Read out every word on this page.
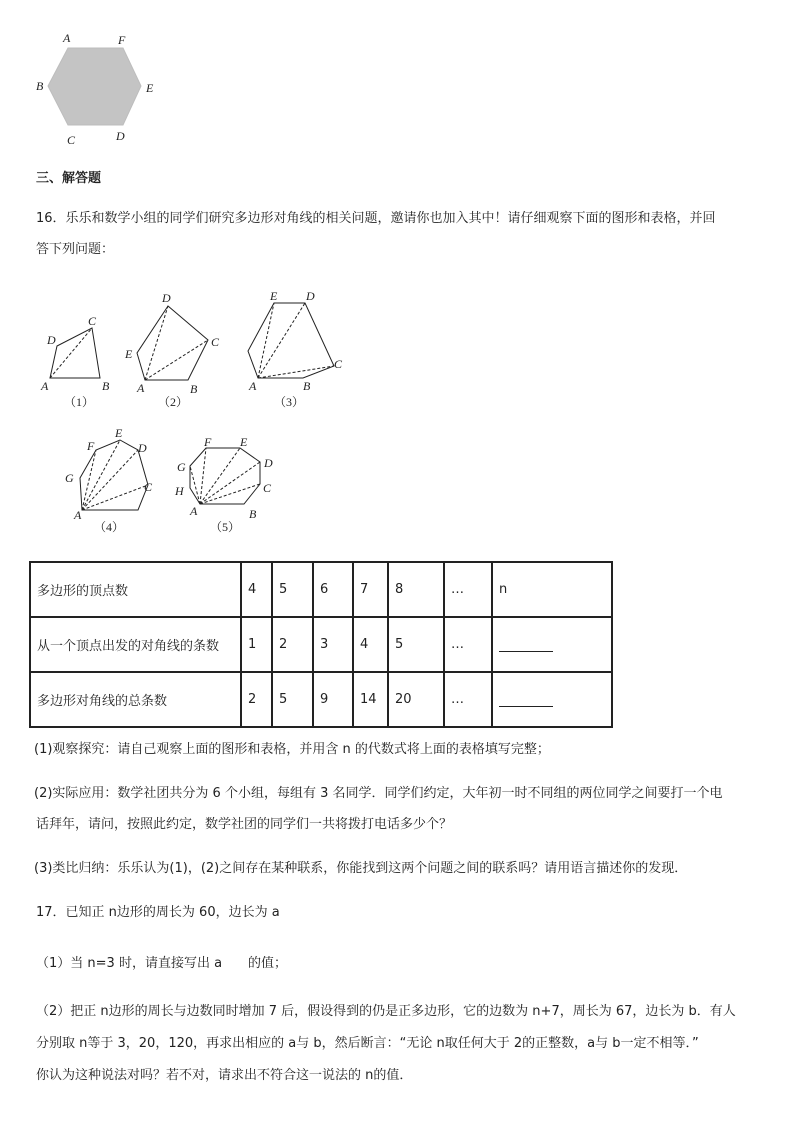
A	F
E
D
C
B
三、解答题
16．乐乐和数学小组的同学们研究多边形对角线的相关问题，邀请你也加入其中！请仔细观察下面的图形和表格，并回
答下列问题：
A	B
C
D
（1）
A	B
C
D
E
（2）
A	B
C
D
E
（3）
A
C
D
E
F
G
（4）
A	B
C
D
E
F
G
H
（5）
多边形的顶点数	4	5	6	7	8	…	n
从一个顶点出发的对角线的条数	1	2	3	4	5	…	
多边形对角线的总条数	2	5	9	14	20	…	
(1)观察探究：请自己观察上面的图形和表格，并用含 n 的代数式将上面的表格填写完整；
(2)实际应用：数学社团共分为 6 个小组，每组有 3 名同学．同学们约定，大年初一时不同组的两位同学之间要打一个电
话拜年，请问，按照此约定，数学社团的同学们一共将拨打电话多少个？
(3)类比归纳：乐乐认为(1)，(2)之间存在某种联系，你能找到这两个问题之间的联系吗？请用语言描述你的发现．
17．已知正 n边形的周长为 60，边长为 a
（1）当 n=3 时，请直接写出 a　　的值；
（2）把正 n边形的周长与边数同时增加 7 后，假设得到的仍是正多边形，它的边数为 n+7，周长为 67，边长为 b．有人
分别取 n等于 3，20，120，再求出相应的 a与 b，然后断言：“无论 n取任何大于 2的正整数，a与 b一定不相等．”
你认为这种说法对吗？若不对，请求出不符合这一说法的 n的值．
